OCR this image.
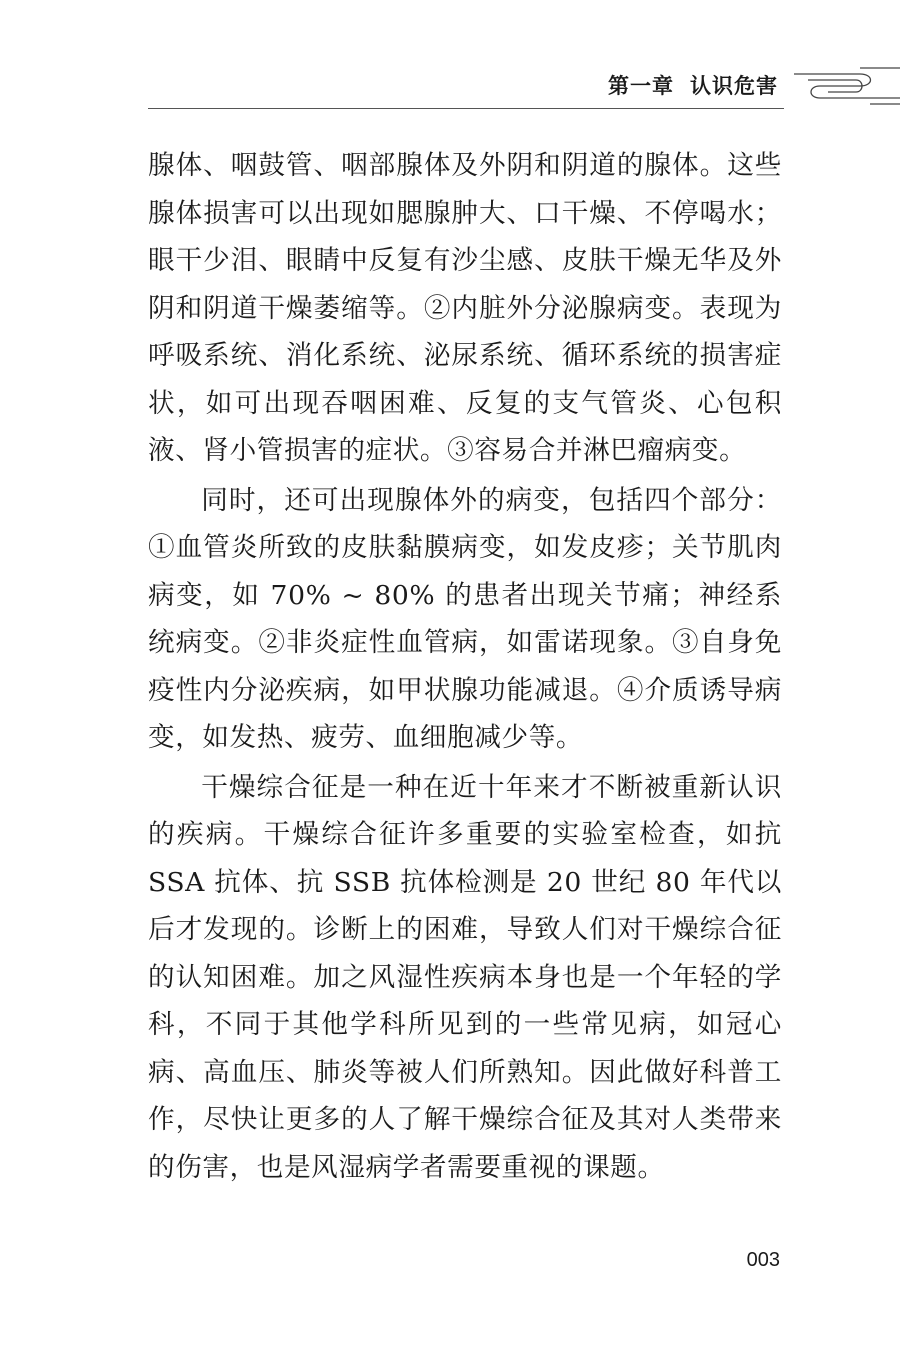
第一章 认识危害

腺体、咽鼓管、咽部腺体及外阴和阴道的腺体。这些腺体损害可以出现如腮腺肿大、口干燥、不停喝水；眼干少泪、眼睛中反复有沙尘感、皮肤干燥无华及外阴和阴道干燥萎缩等。②内脏外分泌腺病变。表现为呼吸系统、消化系统、泌尿系统、循环系统的损害症状，如可出现吞咽困难、反复的支气管炎、心包积液、肾小管损害的症状。③容易合并淋巴瘤病变。

同时，还可出现腺体外的病变，包括四个部分：①血管炎所致的皮肤黏膜病变，如发皮疹；关节肌肉病变，如 70% ~ 80% 的患者出现关节痛；神经系统病变。②非炎症性血管病，如雷诺现象。③自身免疫性内分泌疾病，如甲状腺功能减退。④介质诱导病变，如发热、疲劳、血细胞减少等。

干燥综合征是一种在近十年来才不断被重新认识的疾病。干燥综合征许多重要的实验室检查，如抗 SSA 抗体、抗 SSB 抗体检测是 20 世纪 80 年代以后才发现的。诊断上的困难，导致人们对干燥综合征的认知困难。加之风湿性疾病本身也是一个年轻的学科，不同于其他学科所见到的一些常见病，如冠心病、高血压、肺炎等被人们所熟知。因此做好科普工作，尽快让更多的人了解干燥综合征及其对人类带来的伤害，也是风湿病学者需要重视的课题。

003
